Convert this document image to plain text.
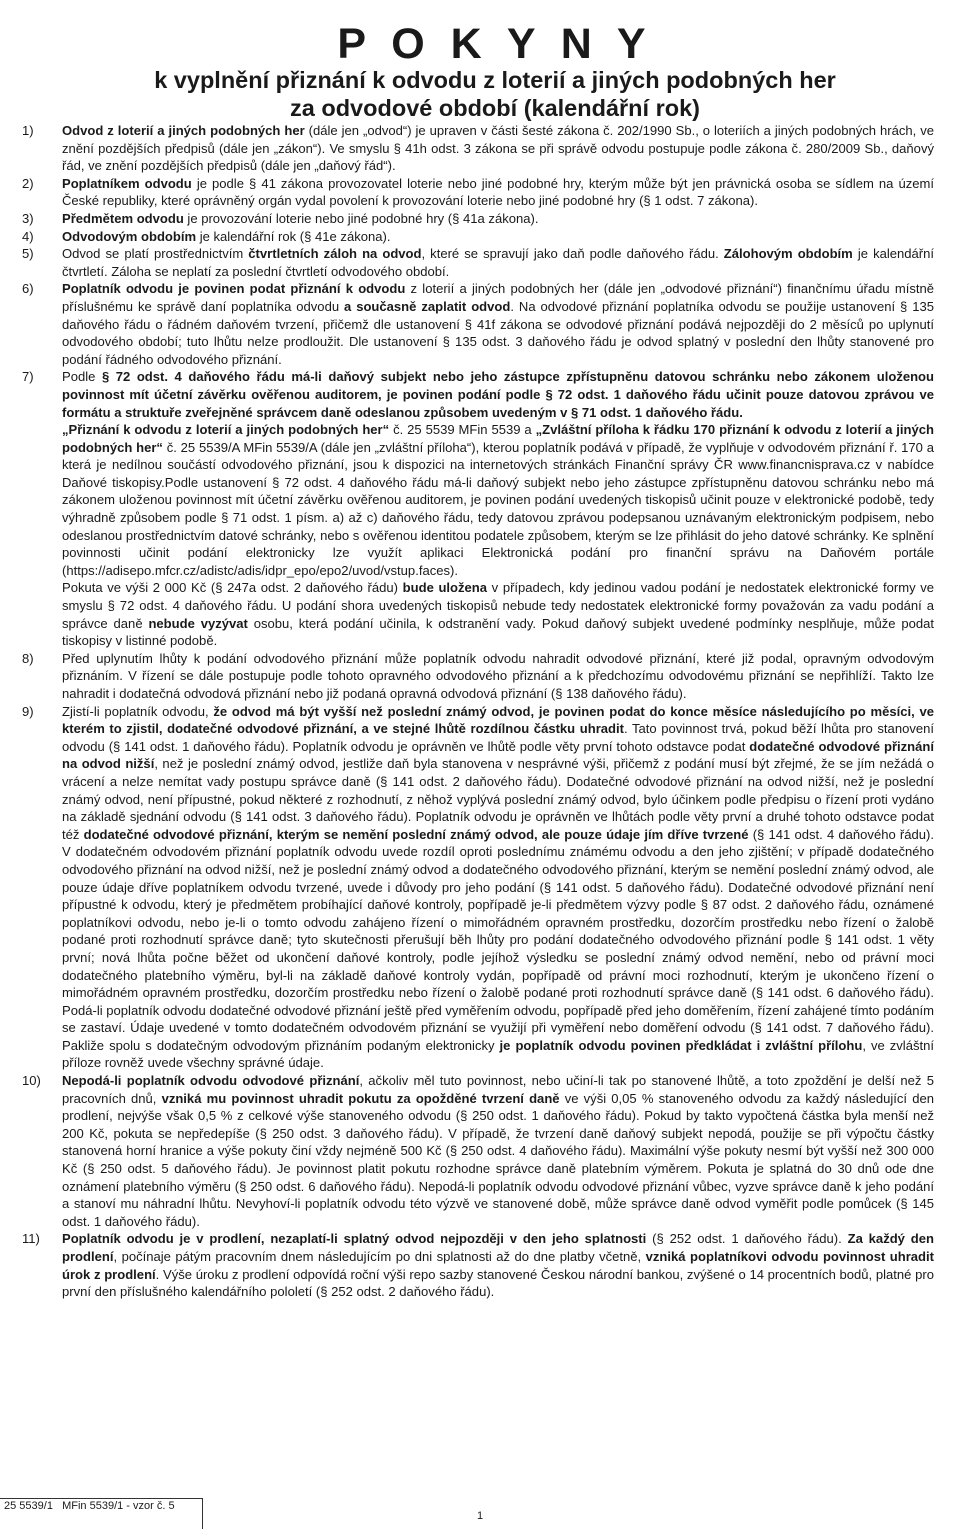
P O K Y N Y
k vyplnění přiznání k odvodu z loterií a jiných podobných her
za odvodové období (kalendářní rok)
1)	Odvod z loterií a jiných podobných her (dále jen „odvod“) je upraven v části šesté zákona č. 202/1990 Sb., o loteriích a jiných podobných hrách, ve znění pozdějších předpisů (dále jen „zákon“). Ve smyslu § 41h odst. 3 zákona se při správě odvodu postupuje podle zákona č. 280/2009 Sb., daňový řád, ve znění pozdějších předpisů (dále jen „daňový řád“).

2)	Poplatníkem odvodu je podle § 41 zákona provozovatel loterie nebo jiné podobné hry, kterým může být jen právnická osoba se sídlem na území České republiky, které oprávněný orgán vydal povolení k provozování loterie nebo jiné podobné hry (§ 1 odst. 7 zákona).

3)	Předmětem odvodu je provozování loterie nebo jiné podobné hry (§ 41a zákona).

4)	Odvodovým obdobím je kalendářní rok (§ 41e zákona).

5)	Odvod se platí prostřednictvím čtvrtletních záloh na odvod, které se spravují jako daň podle daňového řádu. Zálohovým obdobím je kalendářní čtvrtletí. Záloha se neplatí za poslední čtvrtletí odvodového období.

6)	Poplatník odvodu je povinen podat přiznání k odvodu z loterií a jiných podobných her (dále jen „odvodové přiznání“) finančnímu úřadu místně příslušnému ke správě daní poplatníka odvodu a současně zaplatit odvod. Na odvodové přiznání poplatníka odvodu se použije ustanovení § 135 daňového řádu o řádném daňovém tvrzení, přičemž dle ustanovení § 41f zákona se odvodové přiznání podává nejpozději do 2 měsíců po uplynutí odvodového období; tuto lhůtu nelze prodloužit. Dle ustanovení § 135 odst. 3 daňového řádu je odvod splatný v poslední den lhůty stanovené pro podání řádného odvodového přiznání.

7)	Podle § 72 odst. 4 daňového řádu má-li daňový subjekt nebo jeho zástupce zpřístupněnu datovou schránku nebo zákonem uloženou povinnost mít účetní závěrku ověřenou auditorem, je povinen podání podle § 72 odst. 1 daňového řádu učinit pouze datovou zprávou ve formátu a struktuře zveřejněné správcem daně odeslanou způsobem uvedeným v § 71 odst. 1 daňového řádu.

„Přiznání k odvodu z loterií a jiných podobných her“ č. 25 5539 MFin 5539 a „Zvláštní příloha k řádku 170 přiznání k odvodu z loterií a jiných podobných her“ č. 25 5539/A MFin 5539/A (dále jen „zvláštní příloha“), kterou poplatník podává v případě, že vyplňuje v odvodovém přiznání ř. 170 a která je nedílnou součástí odvodového přiznání, jsou k dispozici na internetových stránkách Finanční správy ČR www.financnisprava.cz v nabídce Daňové tiskopisy.Podle ustanovení § 72 odst. 4 daňového řádu má-li daňový subjekt nebo jeho zástupce zpřístupněnu datovou schránku nebo má zákonem uloženou povinnost mít účetní závěrku ověřenou auditorem, je povinen podání uvedených tiskopisů učinit pouze v elektronické podobě, tedy výhradně způsobem podle § 71 odst. 1 písm. a) až c) daňového řádu, tedy datovou zprávou podepsanou uznávaným elektronickým podpisem, nebo odeslanou prostřednictvím datové schránky, nebo s ověřenou identitou podatele způsobem, kterým se lze přihlásit do jeho datové schránky. Ke splnění povinnosti učinit podání elektronicky lze využít aplikaci Elektronická podání pro finanční správu na Daňovém portále (https://adisepo.mfcr.cz/adistc/adis/idpr_epo/epo2/uvod/vstup.faces).

Pokuta ve výši 2 000 Kč (§ 247a odst. 2 daňového řádu) bude uložena v případech, kdy jedinou vadou podání je nedostatek elektronické formy ve smyslu § 72 odst. 4 daňového řádu. U podání shora uvedených tiskopisů nebude tedy nedostatek elektronické formy považován za vadu podání a správce daně nebude vyzývat osobu, která podání učinila, k odstranění vady. Pokud daňový subjekt uvedené podmínky nesplňuje, může podat tiskopisy v listinné podobě.

8)	Před uplynutím lhůty k podání odvodového přiznání může poplatník odvodu nahradit odvodové přiznání, které již podal, opravným odvodovým přiznáním. V řízení se dále postupuje podle tohoto opravného odvodového přiznání a k předchozímu odvodovému přiznání se nepřihlíží. Takto lze nahradit i dodatečná odvodová přiznání nebo již podaná opravná odvodová přiznání (§ 138 daňového řádu).

9)	Zjistí-li poplatník odvodu, že odvod má být vyšší než poslední známý odvod, je povinen podat do konce měsíce následujícího po měsíci, ve kterém to zjistil, dodatečné odvodové přiznání, a ve stejné lhůtě rozdílnou částku uhradit. Tato povinnost trvá, pokud běží lhůta pro stanovení odvodu (§ 141 odst. 1 daňového řádu). Poplatník odvodu je oprávněn ve lhůtě podle věty první tohoto odstavce podat dodatečné odvodové přiznání na odvod nižší, než je poslední známý odvod, jestliže daň byla stanovena v nesprávné výši, přičemž z podání musí být zřejmé, že se jím nežádá o vrácení a nelze nemítat vady postupu správce daně (§ 141 odst. 2 daňového řádu). Dodatečné odvodové přiznání na odvod nižší, než je poslední známý odvod, není přípustné, pokud některé z rozhodnutí, z něhož vyplývá poslední známý odvod, bylo účinkem podle předpisu o řízení proti vydáno na základě sjednání odvodu (§ 141 odst. 3 daňového řádu). Poplatník odvodu je oprávněn ve lhůtách podle věty první a druhé tohoto odstavce podat též dodatečné odvodové přiznání, kterým se nemění poslední známý odvod, ale pouze údaje jím dříve tvrzené (§ 141 odst. 4 daňového řádu). V dodatečném odvodovém přiznání poplatník odvodu uvede rozdíl oproti poslednímu známému odvodu a den jeho zjištění; v případě dodatečného odvodového přiznání na odvod nižší, než je poslední známý odvod a dodatečného odvodového přiznání, kterým se nemění poslední známý odvod, ale pouze údaje dříve poplatníkem odvodu tvrzené, uvede i důvody pro jeho podání (§ 141 odst. 5 daňového řádu). Dodatečné odvodové přiznání není přípustné k odvodu, který je předmětem probíhající daňové kontroly, popřípadě je-li předmětem výzvy podle § 87 odst. 2 daňového řádu, oznámené poplatníkovi odvodu, nebo je-li o tomto odvodu zahájeno řízení o mimořádném opravném prostředku, dozorčím prostředku nebo řízení o žalobě podané proti rozhodnutí správce daně; tyto skutečnosti přerušují běh lhůty pro podání dodatečného odvodového přiznání podle § 141 odst. 1 věty první; nová lhůta počne běžet od ukončení daňové kontroly, podle jejíhož výsledku se poslední známý odvod nemění, nebo od právní moci dodatečného platebního výměru, byl-li na základě daňové kontroly vydán, popřípadě od právní moci rozhodnutí, kterým je ukončeno řízení o mimořádném opravném prostředku, dozorčím prostředku nebo řízení o žalobě podané proti rozhodnutí správce daně (§ 141 odst. 6 daňového řádu). Podá-li poplatník odvodu dodatečné odvodové přiznání ještě před vyměřením odvodu, popřípadě před jeho doměřením, řízení zahájené tímto podáním se zastaví. Údaje uvedené v tomto dodatečném odvodovém přiznání se využijí při vyměření nebo doměření odvodu (§ 141 odst. 7 daňového řádu). Pakliže spolu s dodatečným odvodovým přiznáním podaným elektronicky je poplatník odvodu povinen předkládat i zvláštní přílohu, ve zvláštní příloze rovněž uvede všechny správné údaje.

10)	Nepodá-li poplatník odvodu odvodové přiznání, ačkoliv měl tuto povinnost, nebo učiní-li tak po stanovené lhůtě, a toto zpoždění je delší než 5 pracovních dnů, vzniká mu povinnost uhradit pokutu za opožděné tvrzení daně ve výši 0,05 % stanoveného odvodu za každý následující den prodlení, nejvýše však 0,5 % z celkové výše stanoveného odvodu (§ 250 odst. 1 daňového řádu). Pokud by takto vypočtená částka byla menší než 200 Kč, pokuta se nepředepíše (§ 250 odst. 3 daňového řádu). V případě, že tvrzení daně daňový subjekt nepodá, použije se při výpočtu částky stanovená horní hranice a výše pokuty činí vždy nejméně 500 Kč (§ 250 odst. 4 daňového řádu). Maximální výše pokuty nesmí být vyšší než 300 000 Kč (§ 250 odst. 5 daňového řádu). Je povinnost platit pokutu rozhodne správce daně platebním výměrem. Pokuta je splatná do 30 dnů ode dne oznámení platebního výměru (§ 250 odst. 6 daňového řádu). Nepodá-li poplatník odvodu odvodové přiznání vůbec, vyzve správce daně k jeho podání a stanoví mu náhradní lhůtu. Nevyhoví-li poplatník odvodu této výzvě ve stanovené době, může správce daně odvod vyměřit podle pomůcek (§ 145 odst. 1 daňového řádu).

11)	Poplatník odvodu je v prodlení, nezaplatí-li splatný odvod nejpozději v den jeho splatnosti (§ 252 odst. 1 daňového řádu). Za každý den prodlení, počínaje pátým pracovním dnem následujícím po dni splatnosti až do dne platby včetně, vzniká poplatníkovi odvodu povinnost uhradit úrok z prodlení. Výše úroku z prodlení odpovídá roční výši repo sazby stanovené Českou národní bankou, zvýšené o 14 procentních bodů, platné pro první den příslušného kalendářního pololetí (§ 252 odst. 2 daňového řádu).

25 5539/1   MFin 5539/1 - vzor č. 5
1
